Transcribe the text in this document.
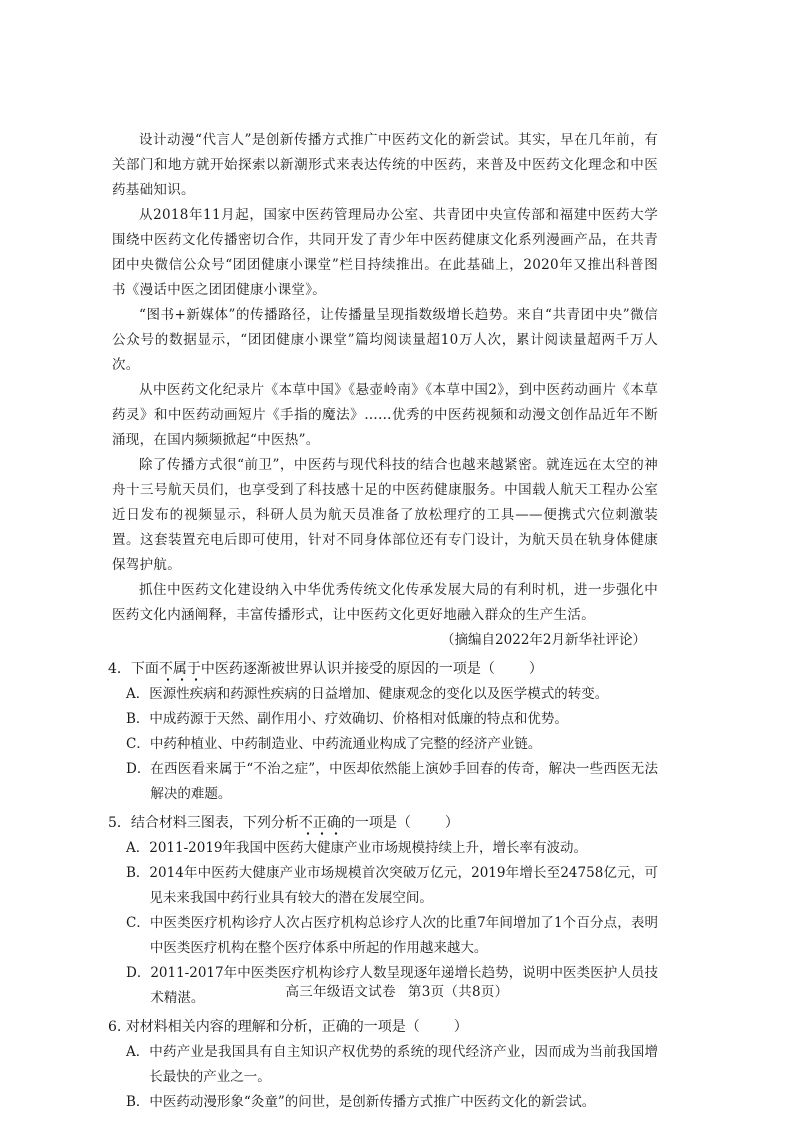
设计动漫“代言人”是创新传播方式推广中医药文化的新尝试。其实，早在几年前，有关部门和地方就开始探索以新潮形式来表达传统的中医药，来普及中医药文化理念和中医药基础知识。

从2018年11月起，国家中医药管理局办公室、共青团中央宣传部和福建中医药大学围绕中医药文化传播密切合作，共同开发了青少年中医药健康文化系列漫画产品，在共青团中央微信公众号“团团健康小课堂”栏目持续推出。在此基础上，2020年又推出科普图书《漫话中医之团团健康小课堂》。

“图书+新媒体”的传播路径，让传播量呈现指数级增长趋势。来自“共青团中央”微信公众号的数据显示，“团团健康小课堂”篇均阅读量超10万人次，累计阅读量超两千万人次。

从中医药文化纪录片《本草中国》《悬壶岭南》《本草中国2》，到中医药动画片《本草药灵》和中医药动画短片《手指的魔法》……优秀的中医药视频和动漫文创作品近年不断涌现，在国内频频掀起“中医热”。

除了传播方式很“前卫”，中医药与现代科技的结合也越来越紧密。就连远在太空的神舟十三号航天员们，也享受到了科技感十足的中医药健康服务。中国载人航天工程办公室近日发布的视频显示，科研人员为航天员准备了放松理疗的工具——便携式穴位刺激装置。这套装置充电后即可使用，针对不同身体部位还有专门设计，为航天员在轨身体健康保驾护航。

抓住中医药文化建设纳入中华优秀传统文化传承发展大局的有利时机，进一步强化中医药文化内涵阐释，丰富传播形式，让中医药文化更好地融入群众的生产生活。

（摘编自2022年2月新华社评论）

4．下面不属于中医药逐渐被世界认识并接受的原因的一项是（ ）

A． 医源性疾病和药源性疾病的日益增加、健康观念的变化以及医学模式的转变。

B． 中成药源于天然、副作用小、疗效确切、价格相对低廉的特点和优势。

C． 中药种植业、中药制造业、中药流通业构成了完整的经济产业链。

D． 在西医看来属于“不治之症”，中医却依然能上演妙手回春的传奇，解决一些西医无法解决的难题。

5．结合材料三图表，下列分析不正确的一项是（ ）

A． 2011-2019年我国中医药大健康产业市场规模持续上升，增长率有波动。

B． 2014年中医药大健康产业市场规模首次突破万亿元，2019年增长至24758亿元，可见未来我国中药行业具有较大的潜在发展空间。

C． 中医类医疗机构诊疗人次占医疗机构总诊疗人次的比重7年间增加了1个百分点，表明中医类医疗机构在整个医疗体系中所起的作用越来越大。

D． 2011-2017年中医类医疗机构诊疗人数呈现逐年递增长趋势，说明中医类医护人员技术精湛。

6. 对材料相关内容的理解和分析，正确的一项是（ ）

A． 中药产业是我国具有自主知识产权优势的系统的现代经济产业，因而成为当前我国增长最快的产业之一。

B． 中医药动漫形象“灸童”的问世，是创新传播方式推广中医药文化的新尝试。

高三年级语文试卷 第3页（共8页）
